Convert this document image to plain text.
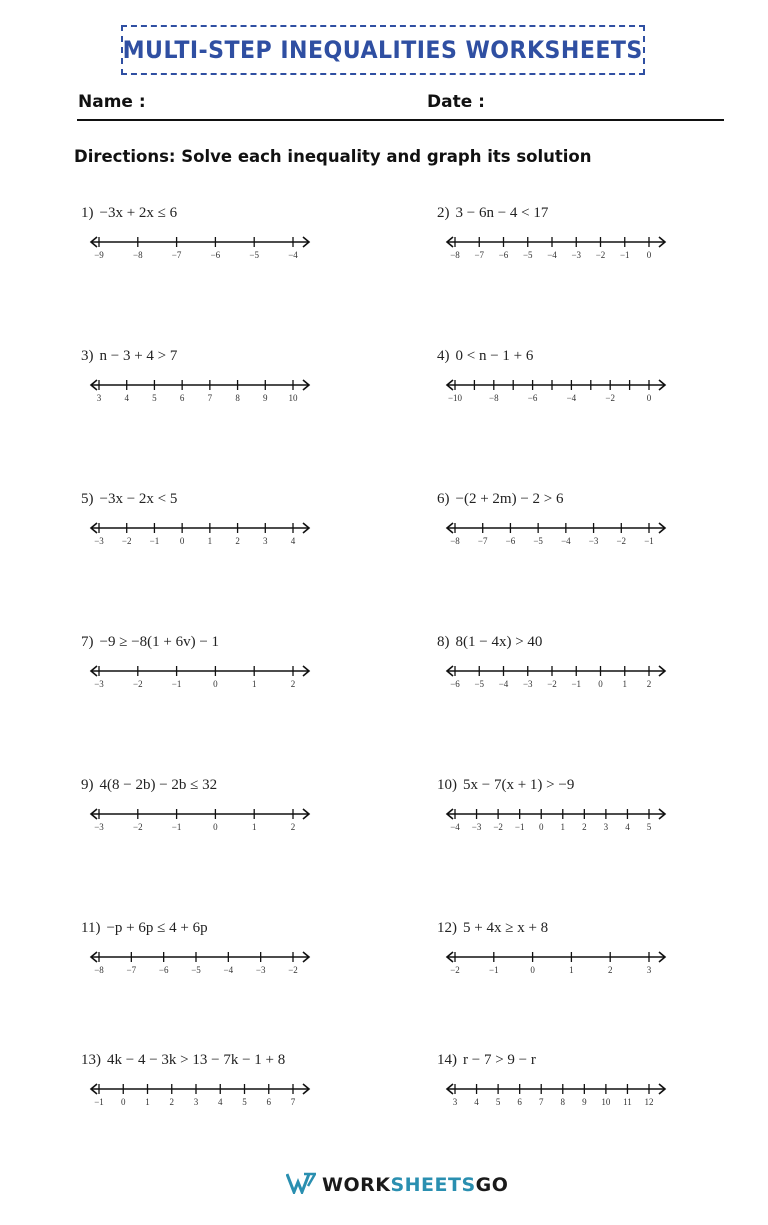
MULTI-STEP INEQUALITIES WORKSHEETS
Name :	Date :
Directions: Solve each inequality and graph its solution
1) −3x + 2x ≤ 6
−9	−8	−7	−6	−5	−4
2) 3 − 6n − 4 < 17
−8 −7 −6 −5 −4 −3 −2 −1 0
3) n − 3 + 4 > 7
3	4	5	6	7	8	9 10
4) 0 < n − 1 + 6
−10	−8	−6	−4	−2	0
5) −3x − 2x < 5
−3 −2 −1 0	1	2	3	4
6) −(2 + 2m) − 2 > 6
−8 −7 −6 −5 −4 −3 −2 −1
7) −9 ≥ −8(1 + 6v) − 1
−3	−2	−1	0	1	2
8) 8(1 − 4x) > 40
−6 −5 −4 −3 −2 −1 0 1 2
9) 4(8 − 2b) − 2b ≤ 32
−3	−2	−1	0	1	2
10) 5x − 7(x + 1) > −9
−4 −3 −2 −1 0 1 2 3 4 5
11) −p + 6p ≤ 4 + 6p
−8	−7	−6	−5	−4	−3	−2
12) 5 + 4x ≥ x + 8
−2	−1	0	1	2	3
13) 4k − 4 − 3k > 13 − 7k − 1 + 8
−1 0 1 2 3 4 5 6 7
14) r − 7 > 9 − r
3 4 5 6 7 8 9 10 11 12
WORKSHEETSGO
